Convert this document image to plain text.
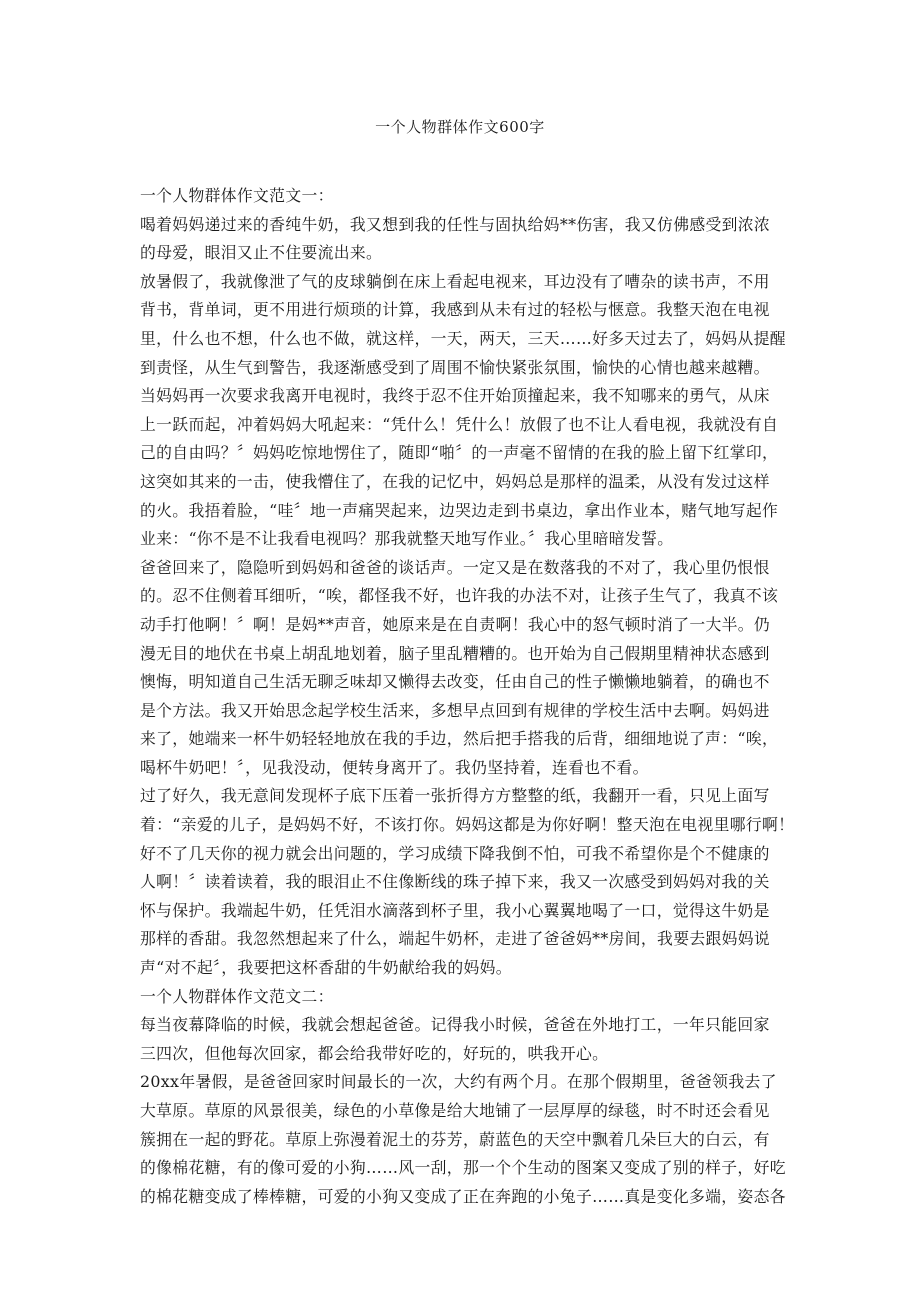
一个人物群体作文600字
一个人物群体作文范文一：
喝着妈妈递过来的香纯牛奶，我又想到我的任性与固执给妈**伤害，我又仿佛感受到浓浓
的母爱，眼泪又止不住要流出来。
放暑假了，我就像泄了气的皮球躺倒在床上看起电视来，耳边没有了嘈杂的读书声，不用
背书，背单词，更不用进行烦琐的计算，我感到从未有过的轻松与惬意。我整天泡在电视
里，什么也不想，什么也不做，就这样，一天，两天，三天……好多天过去了，妈妈从提醒
到责怪，从生气到警告，我逐渐感受到了周围不愉快紧张氛围，愉快的心情也越来越糟。
当妈妈再一次要求我离开电视时，我终于忍不住开始顶撞起来，我不知哪来的勇气，从床
上一跃而起，冲着妈妈大吼起来：“凭什么！凭什么！放假了也不让人看电视，我就没有自
己的自由吗？〞妈妈吃惊地愣住了，随即“啪〞的一声毫不留情的在我的脸上留下红掌印，
这突如其来的一击，使我懵住了，在我的记忆中，妈妈总是那样的温柔，从没有发过这样
的火。我捂着脸，“哇〞地一声痛哭起来，边哭边走到书桌边，拿出作业本，赌气地写起作
业来：“你不是不让我看电视吗？那我就整天地写作业。〞我心里暗暗发誓。
爸爸回来了，隐隐听到妈妈和爸爸的谈话声。一定又是在数落我的不对了，我心里仍恨恨
的。忍不住侧着耳细听，“唉，都怪我不好，也许我的办法不对，让孩子生气了，我真不该
动手打他啊！〞啊！是妈**声音，她原来是在自责啊！我心中的怒气顿时消了一大半。仍
漫无目的地伏在书桌上胡乱地划着，脑子里乱糟糟的。也开始为自己假期里精神状态感到
懊悔，明知道自己生活无聊乏味却又懒得去改变，任由自己的性子懒懒地躺着，的确也不
是个方法。我又开始思念起学校生活来，多想早点回到有规律的学校生活中去啊。妈妈进
来了，她端来一杯牛奶轻轻地放在我的手边，然后把手搭我的后背，细细地说了声：“唉，
喝杯牛奶吧！〞，见我没动，便转身离开了。我仍坚持着，连看也不看。
过了好久，我无意间发现杯子底下压着一张折得方方整整的纸，我翻开一看，只见上面写
着：“亲爱的儿子，是妈妈不好，不该打你。妈妈这都是为你好啊！整天泡在电视里哪行啊！
好不了几天你的视力就会出问题的，学习成绩下降我倒不怕，可我不希望你是个不健康的
人啊！〞读着读着，我的眼泪止不住像断线的珠子掉下来，我又一次感受到妈妈对我的关
怀与保护。我端起牛奶，任凭泪水滴落到杯子里，我小心翼翼地喝了一口，觉得这牛奶是
那样的香甜。我忽然想起来了什么，端起牛奶杯，走进了爸爸妈**房间，我要去跟妈妈说
声“对不起〞，我要把这杯香甜的牛奶献给我的妈妈。
一个人物群体作文范文二：
每当夜幕降临的时候，我就会想起爸爸。记得我小时候，爸爸在外地打工，一年只能回家
三四次，但他每次回家，都会给我带好吃的，好玩的，哄我开心。
20xx年暑假，是爸爸回家时间最长的一次，大约有两个月。在那个假期里，爸爸领我去了
大草原。草原的风景很美，绿色的小草像是给大地铺了一层厚厚的绿毯，时不时还会看见
簇拥在一起的野花。草原上弥漫着泥土的芬芳，蔚蓝色的天空中飘着几朵巨大的白云，有
的像棉花糖，有的像可爱的小狗……风一刮，那一个个生动的图案又变成了别的样子，好吃
的棉花糖变成了棒棒糖，可爱的小狗又变成了正在奔跑的小兔子……真是变化多端，姿态各
